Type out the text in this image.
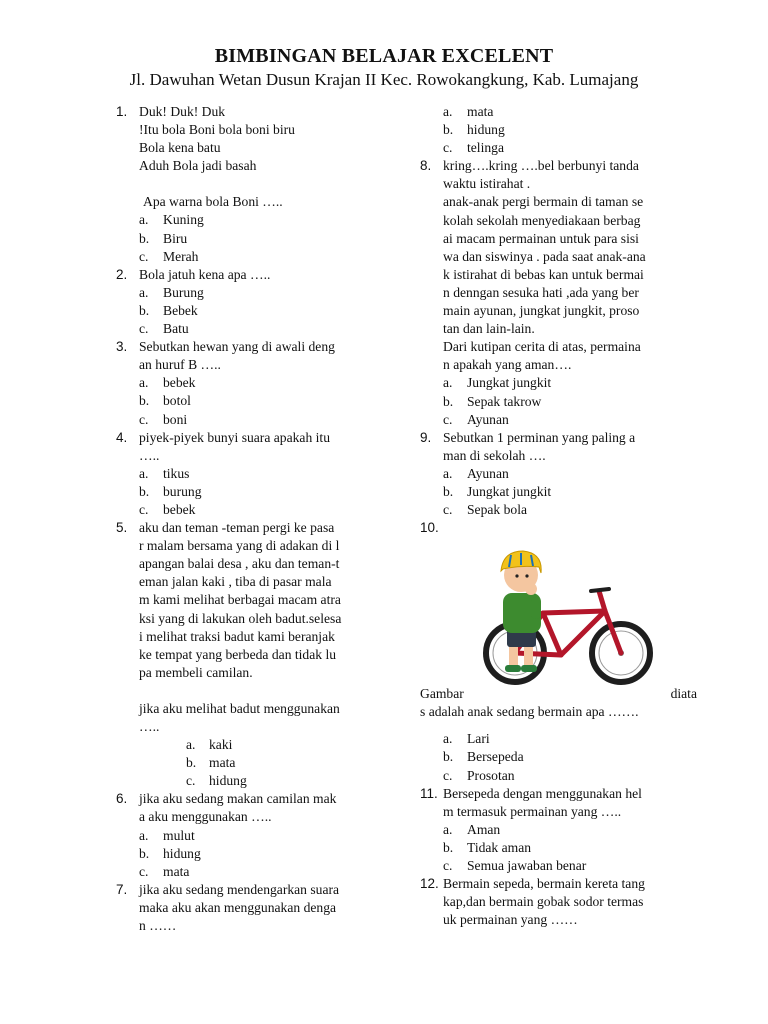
BIMBINGAN BELAJAR EXCELENT
Jl. Dawuhan Wetan Dusun Krajan II Kec. Rowokangkung, Kab. Lumajang
1. Duk! Duk! Duk
!Itu bola Boni bola boni biru
Bola kena batu
Aduh Bola jadi basah
Apa warna bola Boni …..
a. Kuning
b. Biru
c. Merah
2. Bola jatuh kena apa …..
a. Burung
b. Bebek
c. Batu
3. Sebutkan hewan yang di awali deng
an huruf B …..
a. bebek
b. botol
c. boni
4. piyek-piyek bunyi suara apakah itu
…..
a. tikus
b. burung
c. bebek
5. aku dan teman -teman pergi ke pasa
r malam bersama yang di adakan di l
apangan balai desa , aku dan teman-t
eman jalan kaki , tiba di pasar mala
m kami melihat berbagai macam atra
ksi yang di lakukan oleh badut.selesa
i melihat traksi badut kami beranjak
ke tempat yang berbeda dan tidak lu
pa membeli camilan.
jika aku melihat badut menggunakan
…..
a. kaki
b. mata
c. hidung
6. jika aku sedang makan camilan mak
a aku menggunakan …..
a. mulut
b. hidung
c. mata
7. jika aku sedang mendengarkan suara
maka aku akan menggunakan denga
n ……
a. mata
b. hidung
c. telinga
8. kring….kring ….bel berbunyi tanda
waktu istirahat .
anak-anak pergi bermain di taman se
kolah sekolah menyediakaan berbag
ai macam permainan untuk para sisi
wa dan siswinya . pada saat anak-ana
k istirahat di bebas kan untuk bermai
n denngan sesuka hati ,ada yang ber
main ayunan, jungkat jungkit, proso
tan dan lain-lain.
Dari kutipan cerita di atas, permaina
n apakah yang aman….
a. Jungkat jungkit
b. Sepak takrow
c. Ayunan
9. Sebutkan 1 perminan yang paling a
man di sekolah ….
a. Ayunan
b. Jungkat jungkit
c. Sepak bola
10.
Gambar	diata
s adalah anak sedang bermain apa …….
a. Lari
b. Bersepeda
c. Prosotan
11. Bersepeda dengan menggunakan hel
m termasuk permainan yang …..
a. Aman
b. Tidak aman
c. Semua jawaban benar
12. Bermain sepeda, bermain kereta tang
kap,dan bermain gobak sodor termas
uk permainan yang ……
